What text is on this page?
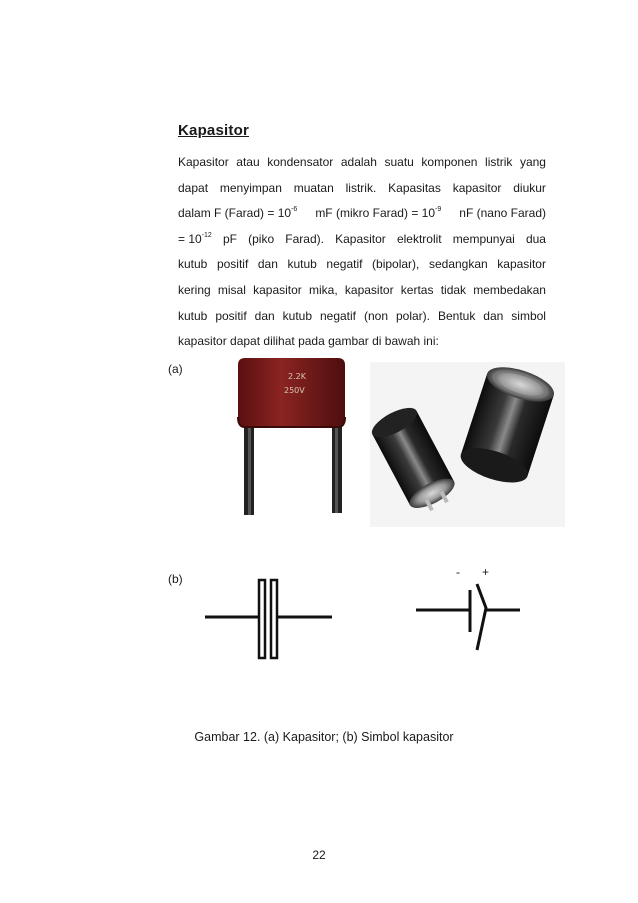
Kapasitor
Kapasitor atau kondensator adalah suatu komponen listrik yang
dapat menyimpan muatan listrik. Kapasitas kapasitor diukur
dalam F (Farad) = $10^{-6}$ mF (mikro Farad) = $10^{-9}$ nF (nano Farad)
= $10^{-12}$ pF (piko Farad). Kapasitor elektrolit mempunyai dua
kutub positif dan kutub negatif (bipolar), sedangkan kapasitor
kering misal kapasitor mika, kapasitor kertas tidak membedakan
kutub positif dan kutub negatif (non polar). Bentuk dan simbol
kapasitor dapat dilihat pada gambar di bawah ini:
(a)
2.2K
250V
(b)	- +
Gambar 12. (a) Kapasitor; (b) Simbol kapasitor
22
